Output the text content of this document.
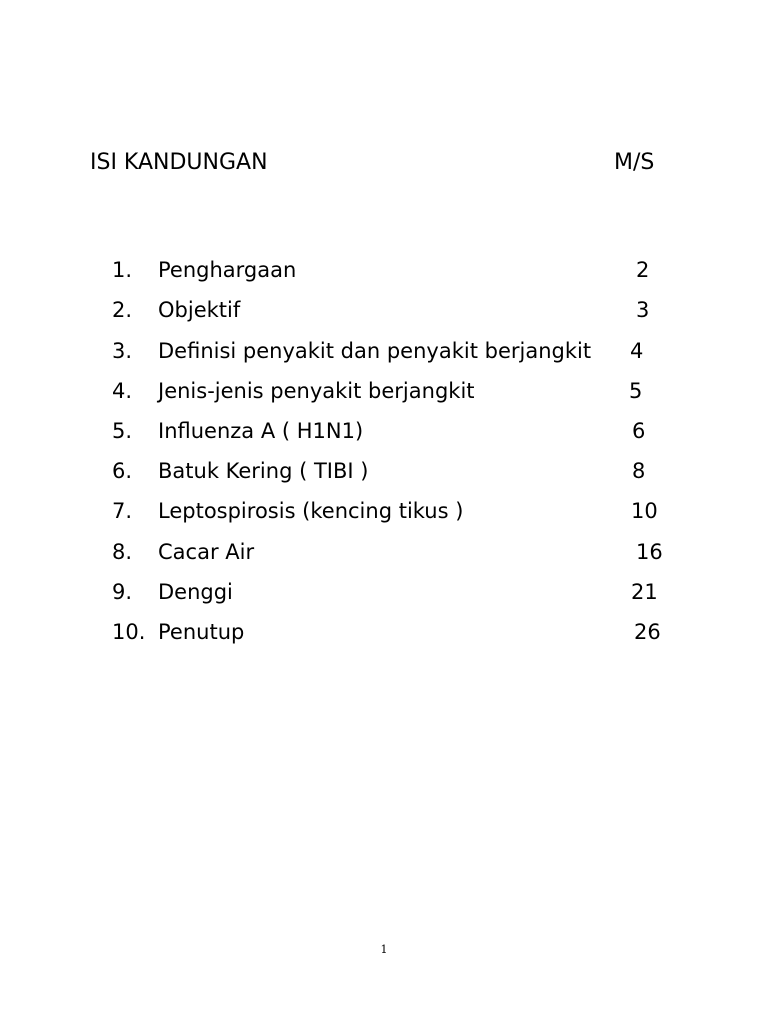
ISI KANDUNGAN	M/S
1. Penghargaan	2
2. Objektif	3
3. Definisi penyakit dan penyakit berjangkit 4
4. Jenis-jenis penyakit berjangkit	5
5. Influenza A ( H1N1)	6
6. Batuk Kering ( TIBI )	8
7. Leptospirosis (kencing tikus )	10
8. Cacar Air	16
9. Denggi	21
10. Penutup	26
1
